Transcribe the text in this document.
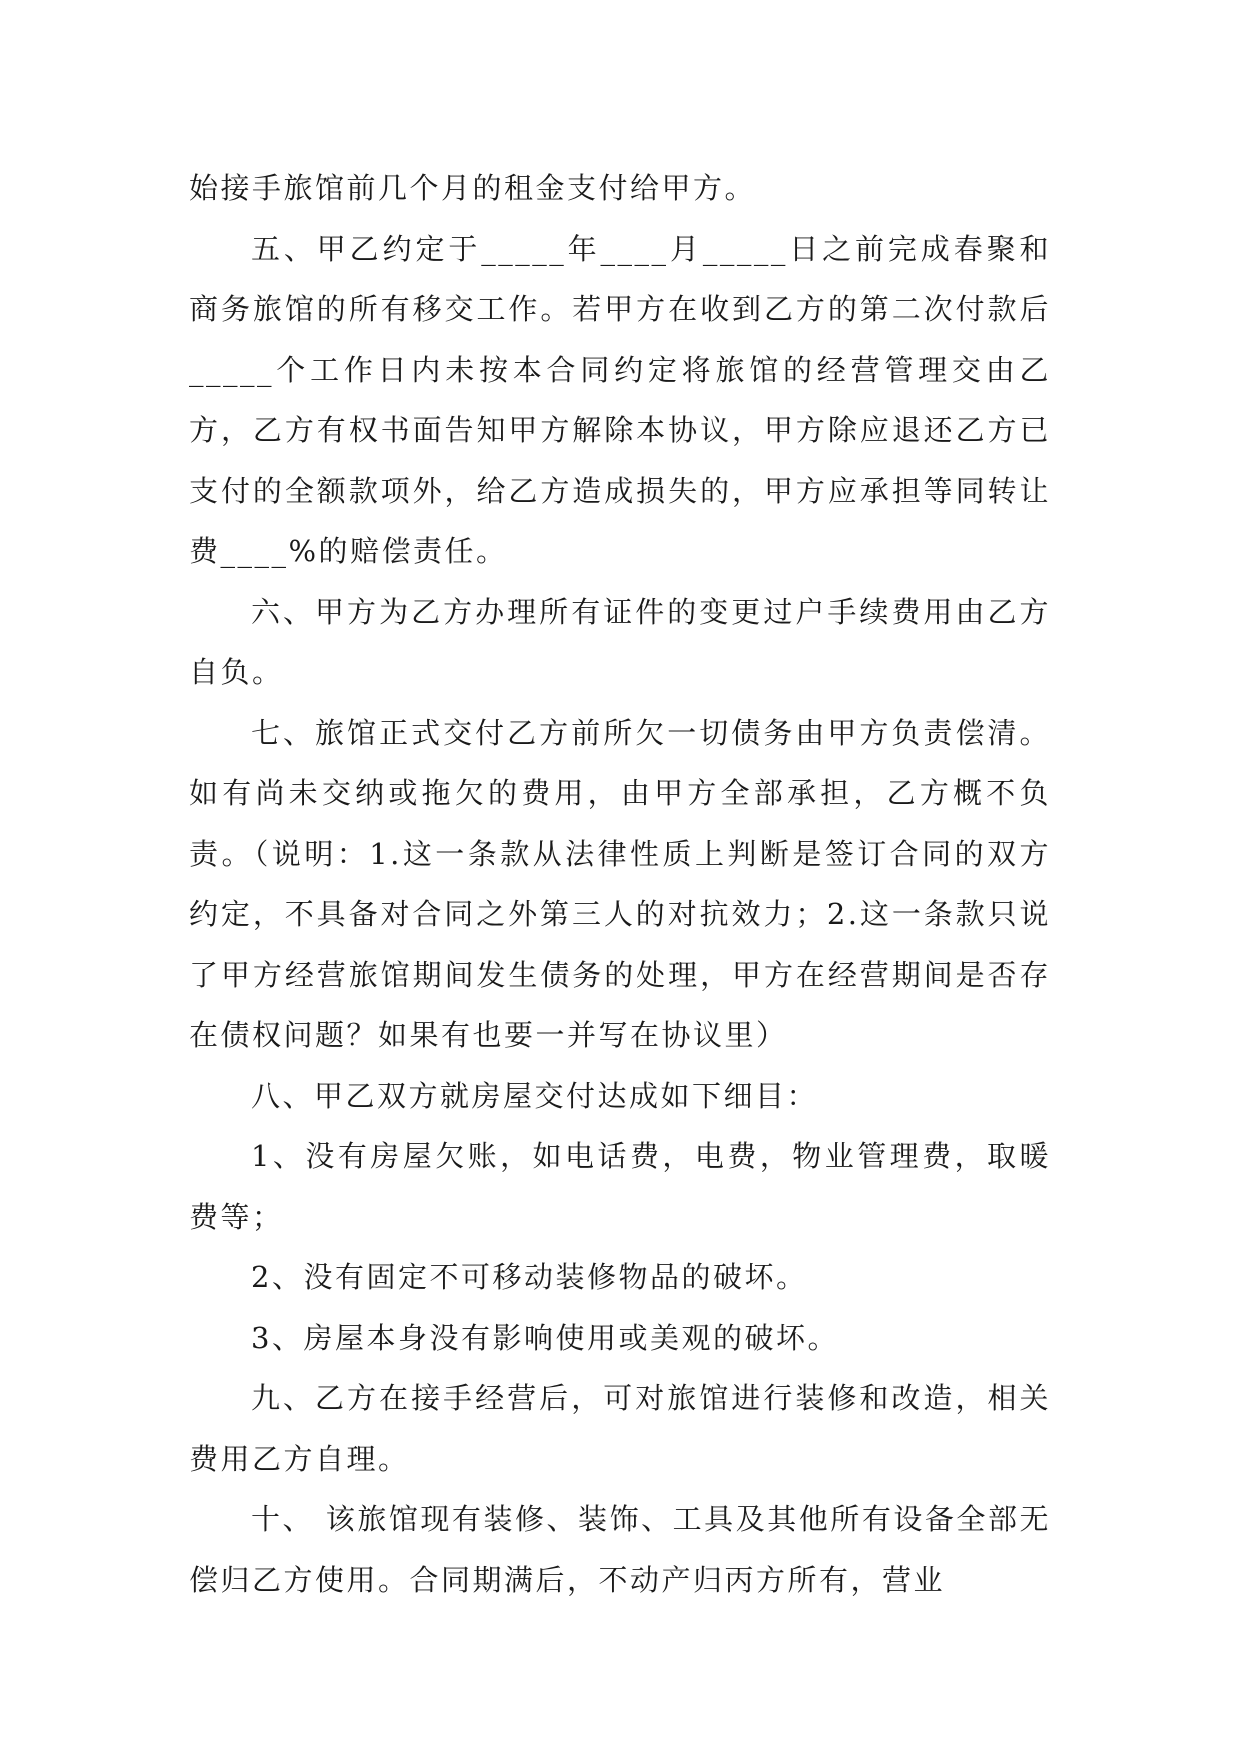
始接手旅馆前几个月的租金支付给甲方。

五、甲乙约定于_____年____月_____日之前完成春聚和商务旅馆的所有移交工作。若甲方在收到乙方的第二次付款后_____个工作日内未按本合同约定将旅馆的经营管理交由乙方，乙方有权书面告知甲方解除本协议，甲方除应退还乙方已支付的全额款项外，给乙方造成损失的，甲方应承担等同转让费____%的赔偿责任。

六、甲方为乙方办理所有证件的变更过户手续费用由乙方自负。

七、旅馆正式交付乙方前所欠一切债务由甲方负责偿清。如有尚未交纳或拖欠的费用，由甲方全部承担，乙方概不负责。（说明：1.这一条款从法律性质上判断是签订合同的双方约定，不具备对合同之外第三人的对抗效力；2.这一条款只说了甲方经营旅馆期间发生债务的处理，甲方在经营期间是否存在债权问题？如果有也要一并写在协议里）

八、甲乙双方就房屋交付达成如下细目：

1、没有房屋欠账，如电话费，电费，物业管理费，取暖费等；

2、没有固定不可移动装修物品的破坏。

3、房屋本身没有影响使用或美观的破坏。

九、乙方在接手经营后，可对旅馆进行装修和改造，相关费用乙方自理。

十、 该旅馆现有装修、装饰、工具及其他所有设备全部无偿归乙方使用。合同期满后，不动产归丙方所有，营业
